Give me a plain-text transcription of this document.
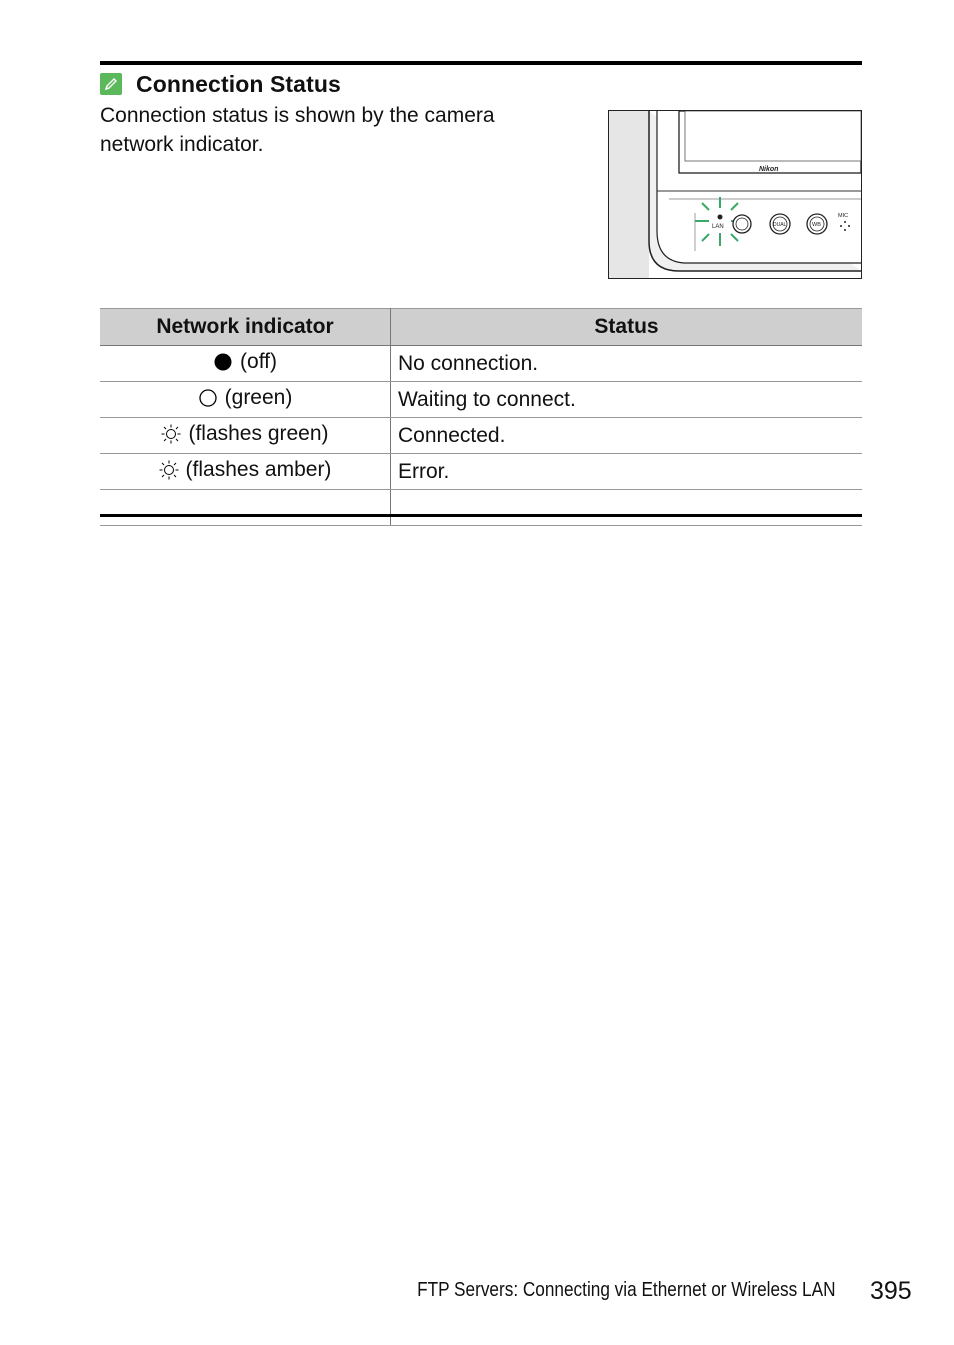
Connection Status
Connection status is shown by the camera network indicator.
Nikon
LAN	DUAL	WB
MIC
Network indicator	Status

(off)	No connection.

(green)	Waiting to connect.

(flashes green)	Connected.

(flashes amber)	Error.

FTP Servers: Connecting via Ethernet or Wireless LAN 395
